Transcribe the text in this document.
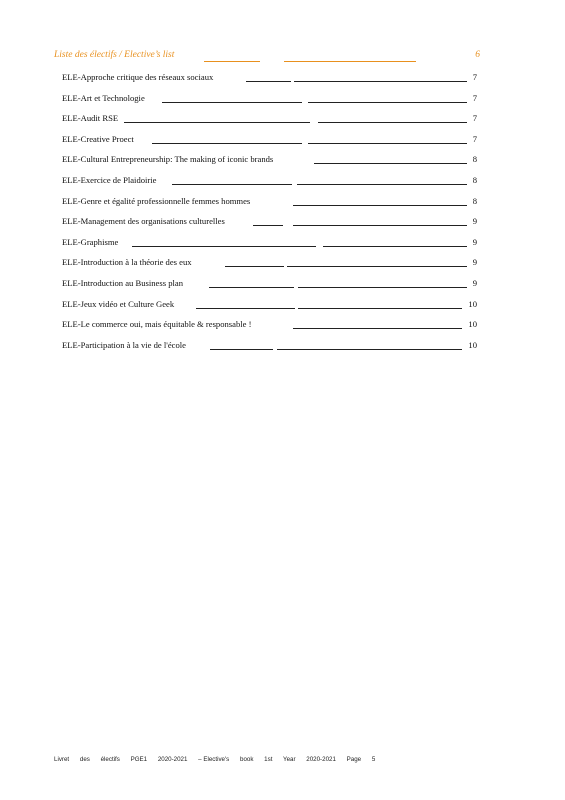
Liste des électifs / Elective’s list	6
ELE-Approche critique des réseaux sociaux	7
ELE-Art et Technologie	7
ELE-Audit RSE	7
ELE-Creative Proect	7
ELE-Cultural Entrepreneurship: The making of iconic brands	8
ELE-Exercice de Plaidoirie	8
ELE-Genre et égalité professionnelle femmes hommes	8
ELE-Management des organisations culturelles	9
ELE-Graphisme	9
ELE-Introduction à la théorie des eux	9
ELE-Introduction au Business plan	9
ELE-Jeux vidéo et Culture Geek	10
ELE-Le commerce oui, mais équitable & responsable !	10
ELE-Participation à la vie de l'école	10
Livret des électifs PGE1 2020-2021 – Elective's book 1st Year 2020-2021 Page 5
